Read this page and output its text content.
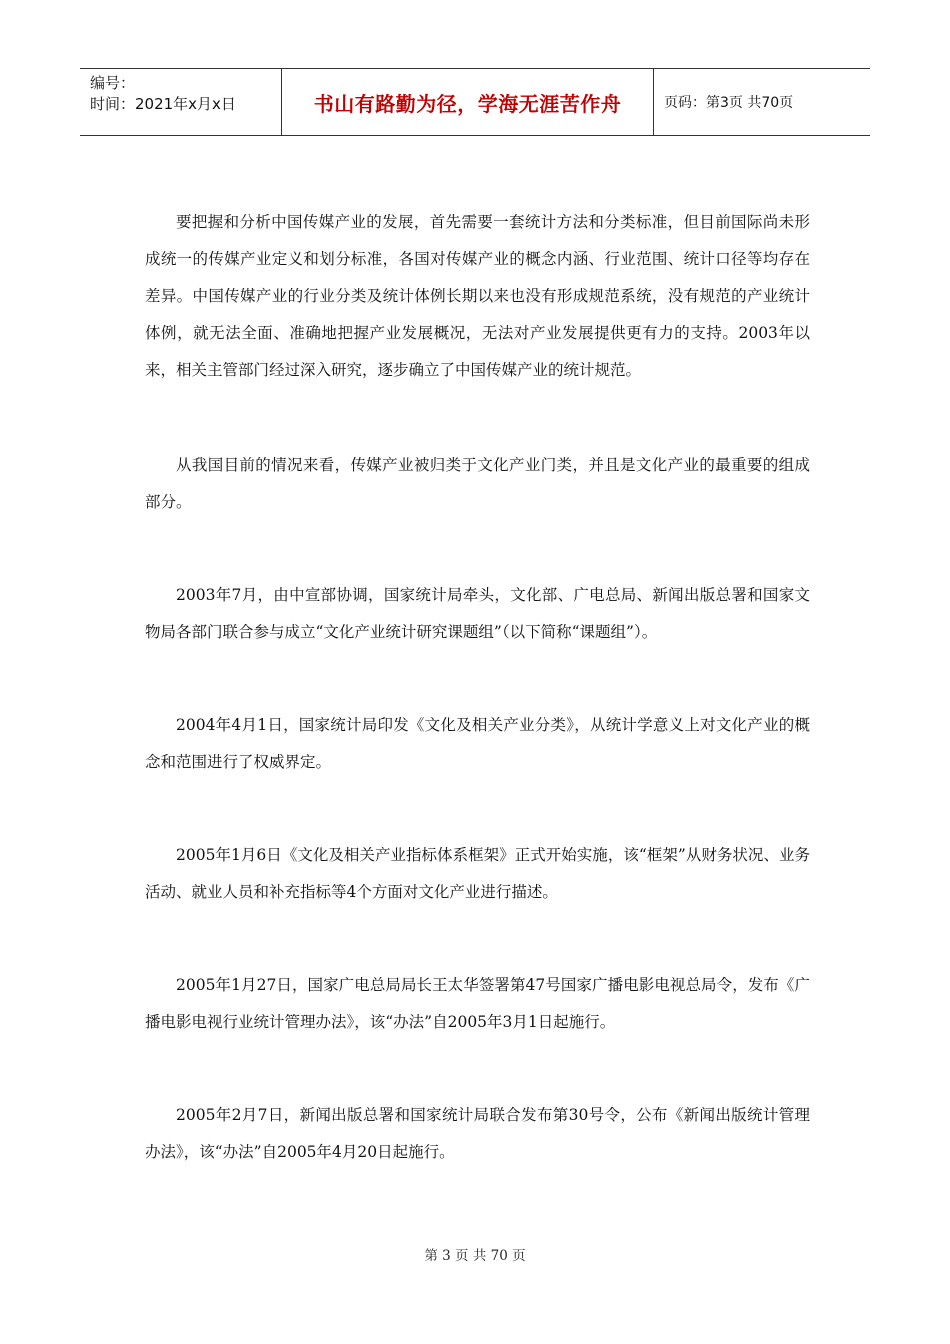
编号：
时间：2021年x月x日	书山有路勤为径，学海无涯苦作舟	页码：第3页 共70页

要把握和分析中国传媒产业的发展，首先需要一套统计方法和分类标准，但目前国际尚未形成统一的传媒产业定义和划分标准，各国对传媒产业的概念内涵、行业范围、统计口径等均存在差异。中国传媒产业的行业分类及统计体例长期以来也没有形成规范系统，没有规范的产业统计体例，就无法全面、准确地把握产业发展概况，无法对产业发展提供更有力的支持。2003年以来，相关主管部门经过深入研究，逐步确立了中国传媒产业的统计规范。

从我国目前的情况来看，传媒产业被归类于文化产业门类，并且是文化产业的最重要的组成部分。

2003年7月，由中宣部协调，国家统计局牵头，文化部、广电总局、新闻出版总署和国家文物局各部门联合参与成立“文化产业统计研究课题组”（以下简称“课题组”）。

2004年4月1日，国家统计局印发《文化及相关产业分类》，从统计学意义上对文化产业的概念和范围进行了权威界定。

2005年1月6日《文化及相关产业指标体系框架》正式开始实施，该“框架”从财务状况、业务活动、就业人员和补充指标等4个方面对文化产业进行描述。

2005年1月27日，国家广电总局局长王太华签署第47号国家广播电影电视总局令，发布《广播电影电视行业统计管理办法》，该“办法”自2005年3月1日起施行。

2005年2月7日，新闻出版总署和国家统计局联合发布第30号令，公布《新闻出版统计管理办法》，该“办法”自2005年4月20日起施行。

第 3 页 共 70 页
